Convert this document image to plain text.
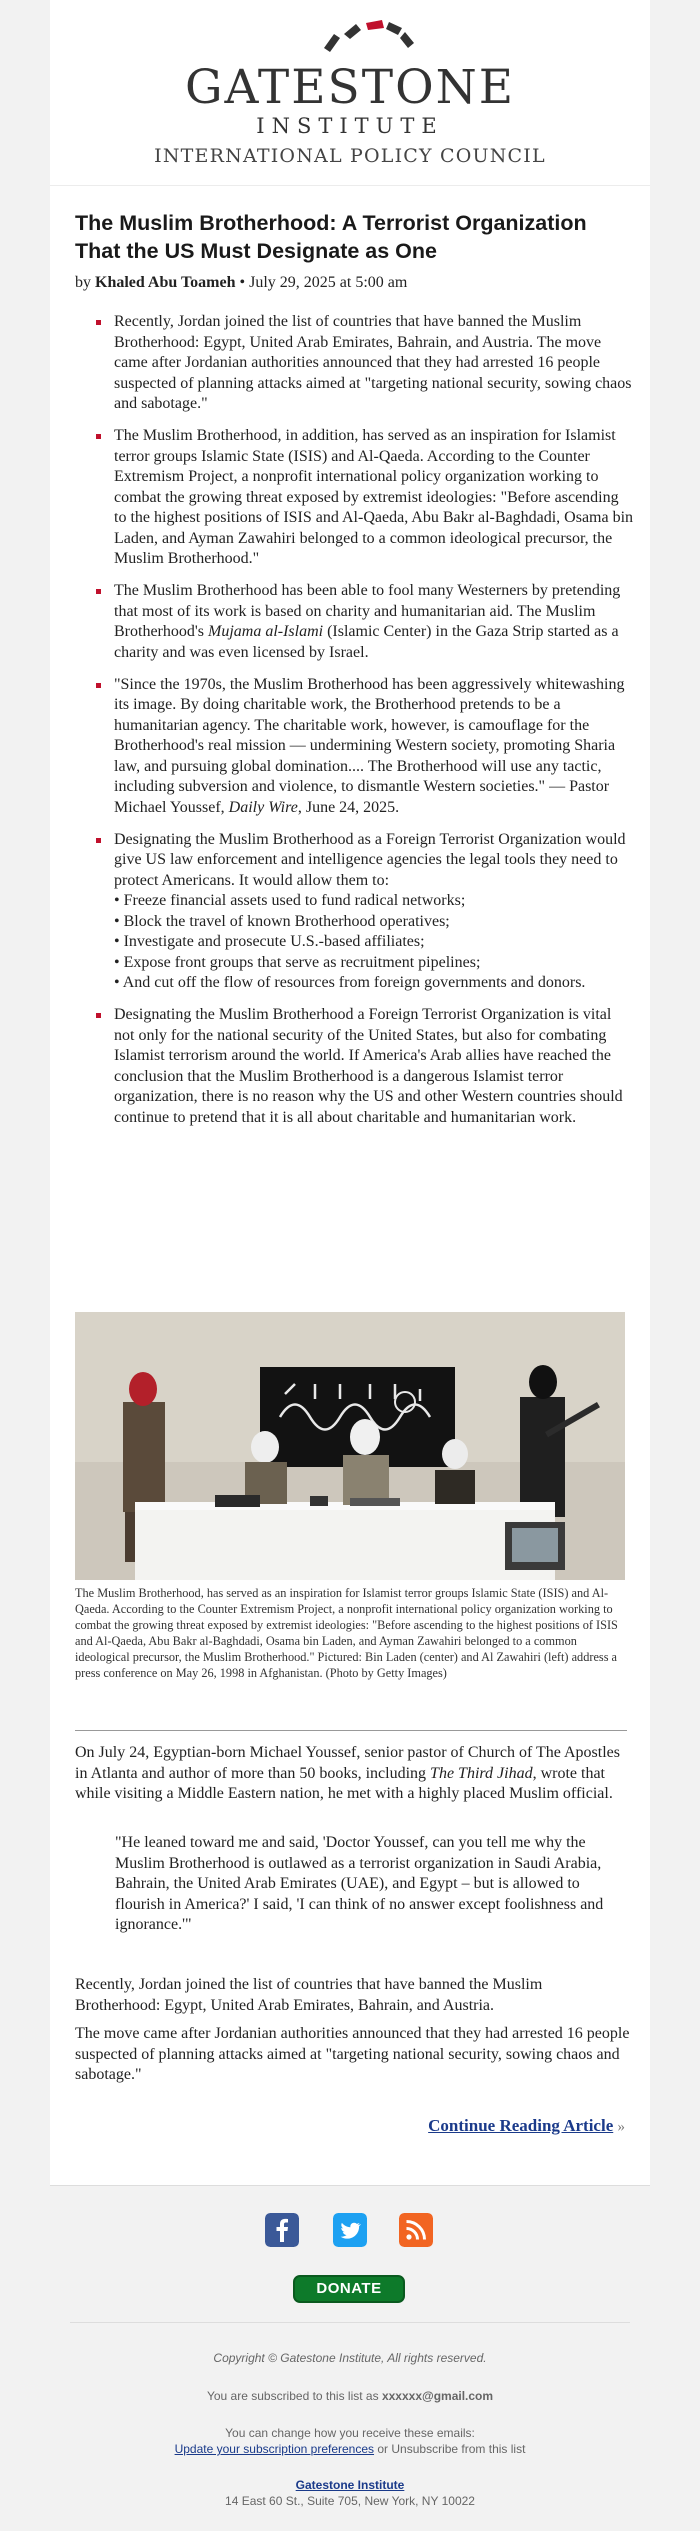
GATESTONE
INSTITUTE
INTERNATIONAL POLICY COUNCIL
The Muslim Brotherhood: A Terrorist Organization That the US Must Designate as One
by Khaled Abu Toameh • July 29, 2025 at 5:00 am
Recently, Jordan joined the list of countries that have banned the Muslim Brotherhood: Egypt, United Arab Emirates, Bahrain, and Austria. The move came after Jordanian authorities announced that they had arrested 16 people suspected of planning attacks aimed at "targeting national security, sowing chaos and sabotage."
The Muslim Brotherhood, in addition, has served as an inspiration for Islamist terror groups Islamic State (ISIS) and Al-Qaeda. According to the Counter Extremism Project, a nonprofit international policy organization working to combat the growing threat exposed by extremist ideologies: "Before ascending to the highest positions of ISIS and Al-Qaeda, Abu Bakr al-Baghdadi, Osama bin Laden, and Ayman Zawahiri belonged to a common ideological precursor, the Muslim Brotherhood."
The Muslim Brotherhood has been able to fool many Westerners by pretending that most of its work is based on charity and humanitarian aid. The Muslim Brotherhood's Mujama al-Islami (Islamic Center) in the Gaza Strip started as a charity and was even licensed by Israel.
"Since the 1970s, the Muslim Brotherhood has been aggressively whitewashing its image. By doing charitable work, the Brotherhood pretends to be a humanitarian agency. The charitable work, however, is camouflage for the Brotherhood's real mission — undermining Western society, promoting Sharia law, and pursuing global domination.... The Brotherhood will use any tactic, including subversion and violence, to dismantle Western societies." — Pastor Michael Youssef, Daily Wire, June 24, 2025.
Designating the Muslim Brotherhood as a Foreign Terrorist Organization would give US law enforcement and intelligence agencies the legal tools they need to protect Americans. It would allow them to:
• Freeze financial assets used to fund radical networks;
• Block the travel of known Brotherhood operatives;
• Investigate and prosecute U.S.-based affiliates;
• Expose front groups that serve as recruitment pipelines;
• And cut off the flow of resources from foreign governments and donors.
Designating the Muslim Brotherhood a Foreign Terrorist Organization is vital not only for the national security of the United States, but also for combating Islamist terrorism around the world. If America's Arab allies have reached the conclusion that the Muslim Brotherhood is a dangerous Islamist terror organization, there is no reason why the US and other Western countries should continue to pretend that it is all about charitable and humanitarian work.
The Muslim Brotherhood, has served as an inspiration for Islamist terror groups Islamic State (ISIS) and Al-Qaeda. According to the Counter Extremism Project, a nonprofit international policy organization working to combat the growing threat exposed by extremist ideologies: "Before ascending to the highest positions of ISIS and Al-Qaeda, Abu Bakr al-Baghdadi, Osama bin Laden, and Ayman Zawahiri belonged to a common ideological precursor, the Muslim Brotherhood." Pictured: Bin Laden (center) and Al Zawahiri (left) address a press conference on May 26, 1998 in Afghanistan. (Photo by Getty Images)
On July 24, Egyptian-born Michael Youssef, senior pastor of Church of The Apostles in Atlanta and author of more than 50 books, including The Third Jihad, wrote that while visiting a Middle Eastern nation, he met with a highly placed Muslim official.
"He leaned toward me and said, 'Doctor Youssef, can you tell me why the Muslim Brotherhood is outlawed as a terrorist organization in Saudi Arabia, Bahrain, the United Arab Emirates (UAE), and Egypt – but is allowed to flourish in America?' I said, 'I can think of no answer except foolishness and ignorance.'"
Recently, Jordan joined the list of countries that have banned the Muslim Brotherhood: Egypt, United Arab Emirates, Bahrain, and Austria.
The move came after Jordanian authorities announced that they had arrested 16 people suspected of planning attacks aimed at "targeting national security, sowing chaos and sabotage."
Continue Reading Article »
DONATE
Copyright © Gatestone Institute, All rights reserved.
You are subscribed to this list as xxxxxx@gmail.com
You can change how you receive these emails:
Update your subscription preferences or Unsubscribe from this list
Gatestone Institute
14 East 60 St., Suite 705, New York, NY 10022
